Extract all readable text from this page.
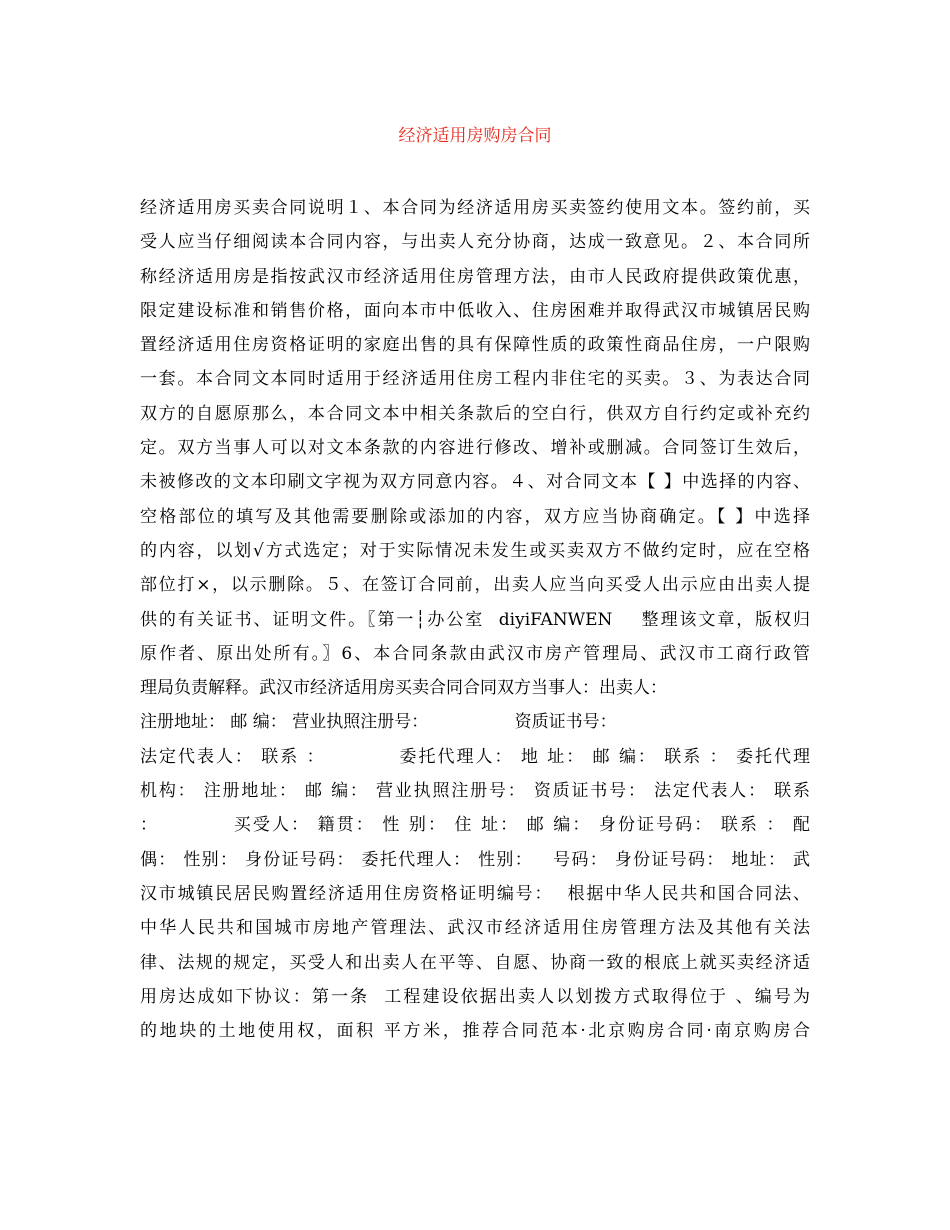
经济适用房购房合同
经济适用房买卖合同说明１、本合同为经济适用房买卖签约使用文本。签约前，买
受人应当仔细阅读本合同内容，与出卖人充分协商，达成一致意见。２、本合同所
称经济适用房是指按武汉市经济适用住房管理方法，由市人民政府提供政策优惠，
限定建设标准和销售价格，面向本市中低收入、住房困难并取得武汉市城镇居民购
置经济适用住房资格证明的家庭出售的具有保障性质的政策性商品住房，一户限购
一套。本合同文本同时适用于经济适用住房工程内非住宅的买卖。３、为表达合同
双方的自愿原那么，本合同文本中相关条款后的空白行，供双方自行约定或补充约
定。双方当事人可以对文本条款的内容进行修改、增补或删减。合同签订生效后，
未被修改的文本印刷文字视为双方同意内容。４、对合同文本【 】中选择的内容、
空格部位的填写及其他需要删除或添加的内容，双方应当协商确定。【 】中选择
的内容，以划√方式选定；对于实际情况未发生或买卖双方不做约定时，应在空格
部位打×，以示删除。５、在签订合同前，出卖人应当向买受人出示应由出卖人提
供的有关证书、证明文件。〖第一┆办公室  diyiFANWEN    整理该文章，版权归
原作者、原出处所有。〗6、本合同条款由武汉市房产管理局、武汉市工商行政管
理局负责解释。武汉市经济适用房买卖合同合同双方当事人：出卖人：
注册地址： 邮 编： 营业执照注册号：                资质证书号：
法定代表人： 联系 ：          委托代理人： 地 址： 邮 编： 联系 ： 委托代理
机构： 注册地址： 邮 编： 营业执照注册号： 资质证书号： 法定代表人： 联系
：          买受人： 籍贯： 性 别： 住 址： 邮 编： 身份证号码： 联系 ： 配
偶： 性别： 身份证号码： 委托代理人： 性别：   号码： 身份证号码： 地址： 武
汉市城镇民居民购置经济适用住房资格证明编号：  根据中华人民共和国合同法、
中华人民共和国城市房地产管理法、武汉市经济适用住房管理方法及其他有关法
律、法规的规定，买受人和出卖人在平等、自愿、协商一致的根底上就买卖经济适
用房达成如下协议：第一条  工程建设依据出卖人以划拨方式取得位于 、编号为
的地块的土地使用权，面积 平方米，推荐合同范本·北京购房合同·南京购房合
